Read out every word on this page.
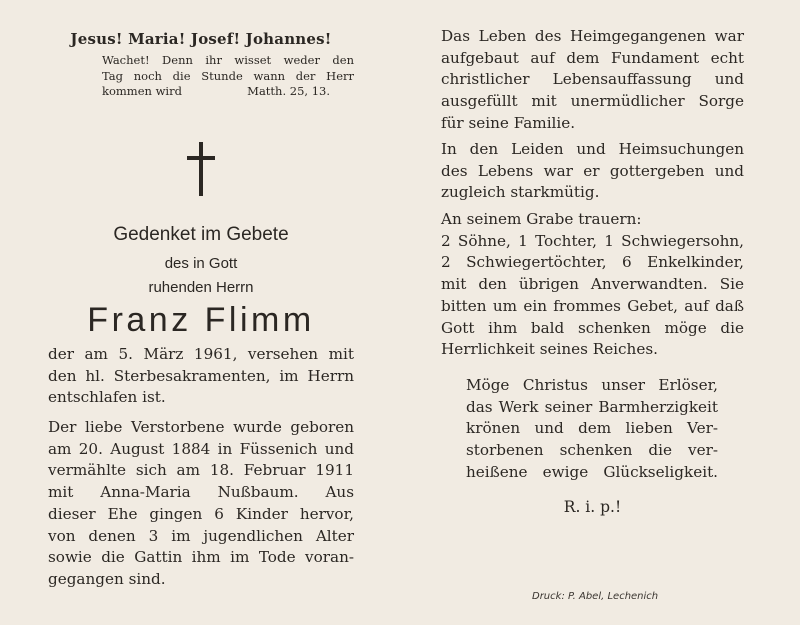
Jesus! Maria! Josef! Johannes!
Wachet! Denn ihr wisset weder den
Tag noch die Stunde wann der Herr
kommen wird	Matth. 25, 13.
Gedenket im Gebete
des in Gott
ruhenden Herrn
Franz Flimm
der am 5. März 1961, versehen mit
den hl. Sterbesakramenten, im Herrn
entschlafen ist.
Der liebe Verstorbene wurde geboren
am 20. August 1884 in Füssenich und
vermählte sich am 18. Februar 1911
mit Anna-Maria Nußbaum. Aus
dieser Ehe gingen 6 Kinder hervor,
von denen 3 im jugendlichen Alter
sowie die Gattin ihm im Tode voran-
gegangen sind.
Das Leben des Heimgegangenen war
aufgebaut auf dem Fundament echt
christlicher Lebensauffassung und
ausgefüllt mit unermüdlicher Sorge
für seine Familie.
In den Leiden und Heimsuchungen
des Lebens war er gottergeben und
zugleich starkmütig.
An seinem Grabe trauern:
2 Söhne, 1 Tochter, 1 Schwiegersohn,
2 Schwiegertöchter, 6 Enkelkinder,
mit den übrigen Anverwandten. Sie
bitten um ein frommes Gebet, auf daß
Gott ihm bald schenken möge die
Herrlichkeit seines Reiches.
Möge Christus unser Erlöser,
das Werk seiner Barmherzigkeit
krönen und dem lieben Ver-
storbenen schenken die ver-
heißene ewige Glückseligkeit.
R. i. p.!
Druck: P. Abel, Lechenich
